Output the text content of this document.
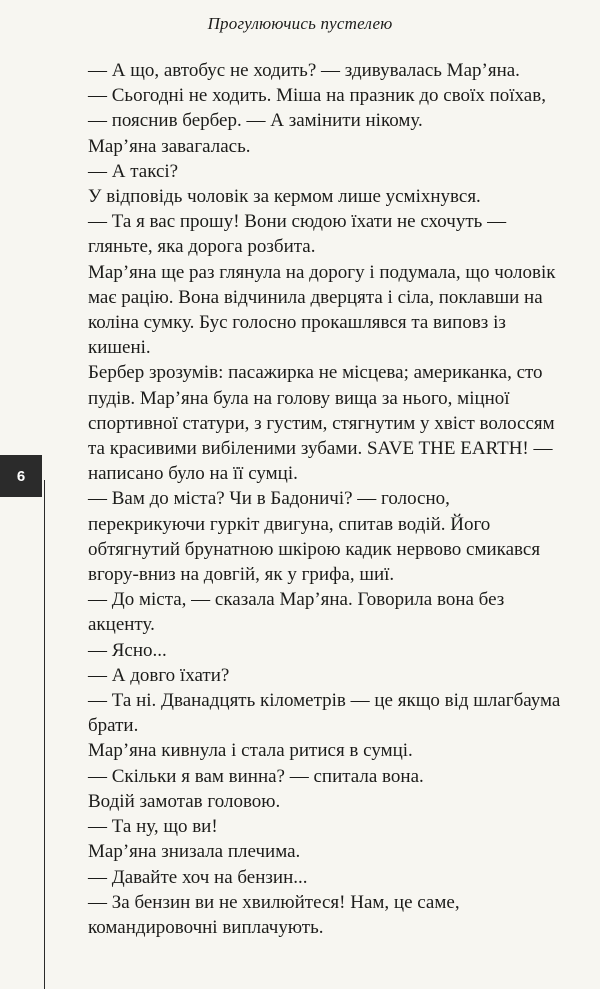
Прогулюючись пустелею

— А що, автобус не ходить? — здивувалась Мар’яна.

— Сьогодні не ходить. Міша на празник до своїх поїхав, — пояснив бербер. — А замінити нікому.

Мар’яна завагалась.

— А таксі?

У відповідь чоловік за кермом лише усміхнувся.

— Та я вас прошу! Вони сюдою їхати не схочуть — гляньте, яка дорога розбита.

Мар’яна ще раз глянула на дорогу і подумала, що чоловік має рацію. Вона відчинила дверцята і сіла, поклавши на коліна сумку. Бус голосно прокашлявся та виповз із кишені.

Бербер зрозумів: пасажирка не місцева; американка, сто пудів. Мар’яна була на голову вища за нього, міцної спортивної статури, з густим, стягнутим у хвіст волоссям та красивими вибіленими зубами. SAVE THE EARTH! — написано було на її сумці.

— Вам до міста? Чи в Бадоничі? — голосно, перекрикуючи гуркіт двигуна, спитав водій. Його обтягнутий брунатною шкірою кадик нервово смикався вгору-вниз на довгій, як у грифа, шиї.

— До міста, — сказала Мар’яна. Говорила вона без акценту.

— Ясно...

— А довго їхати?

— Та ні. Дванадцять кілометрів — це якщо від шлагбаума брати.

Мар’яна кивнула і стала ритися в сумці.

— Скільки я вам винна? — спитала вона.

Водій замотав головою.

— Та ну, що ви!

Мар’яна знизала плечима.

— Давайте хоч на бензин...

— За бензин ви не хвилюйтеся! Нам, це саме, командировочні виплачують.

6
